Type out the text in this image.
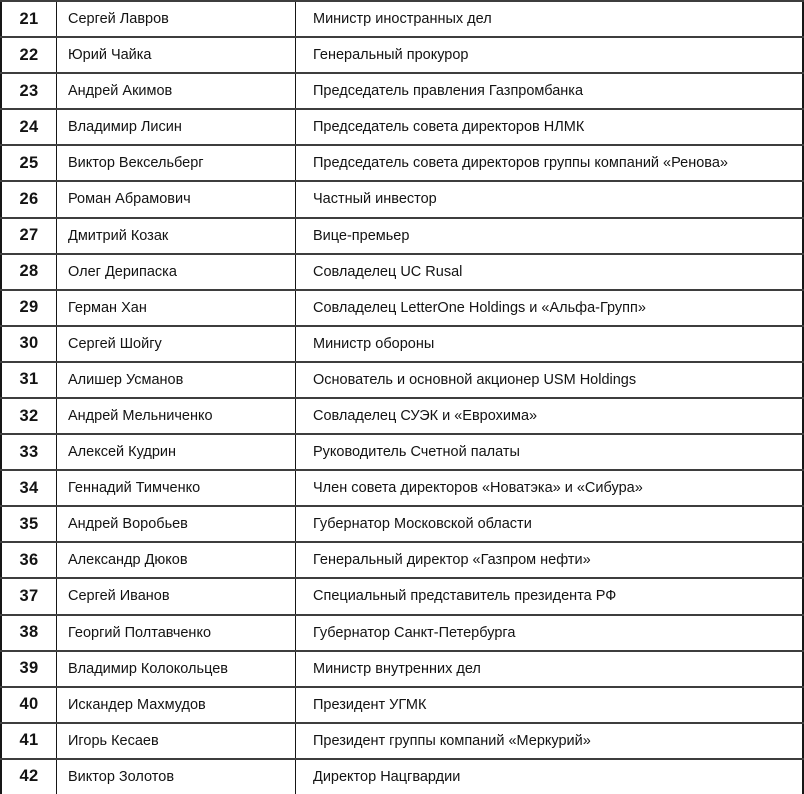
21	Сергей Лавров	Министр иностранных дел
22	Юрий Чайка	Генеральный прокурор
23	Андрей Акимов	Председатель правления Газпромбанка
24	Владимир Лисин	Председатель совета директоров НЛМК
25	Виктор Вексельберг	Председатель совета директоров группы компаний «Ренова»
26	Роман Абрамович	Частный инвестор
27	Дмитрий Козак	Вице-премьер
28	Олег Дерипаска	Совладелец UC Rusal
29	Герман Хан	Совладелец LetterOne Holdings и «Альфа-Групп»
30	Сергей Шойгу	Министр обороны
31	Алишер Усманов	Основатель и основной акционер USM Holdings
32	Андрей Мельниченко	Совладелец СУЭК и «Еврохима»
33	Алексей Кудрин	Руководитель Счетной палаты
34	Геннадий Тимченко	Член совета директоров «Новатэка» и «Сибура»
35	Андрей Воробьев	Губернатор Московской области
36	Александр Дюков	Генеральный директор «Газпром нефти»
37	Сергей Иванов	Специальный представитель президента РФ
38	Георгий Полтавченко	Губернатор Санкт-Петербурга
39	Владимир Колокольцев	Министр внутренних дел
40	Искандер Махмудов	Президент УГМК
41	Игорь Кесаев	Президент группы компаний «Меркурий»
42	Виктор Золотов	Директор Нацгвардии
